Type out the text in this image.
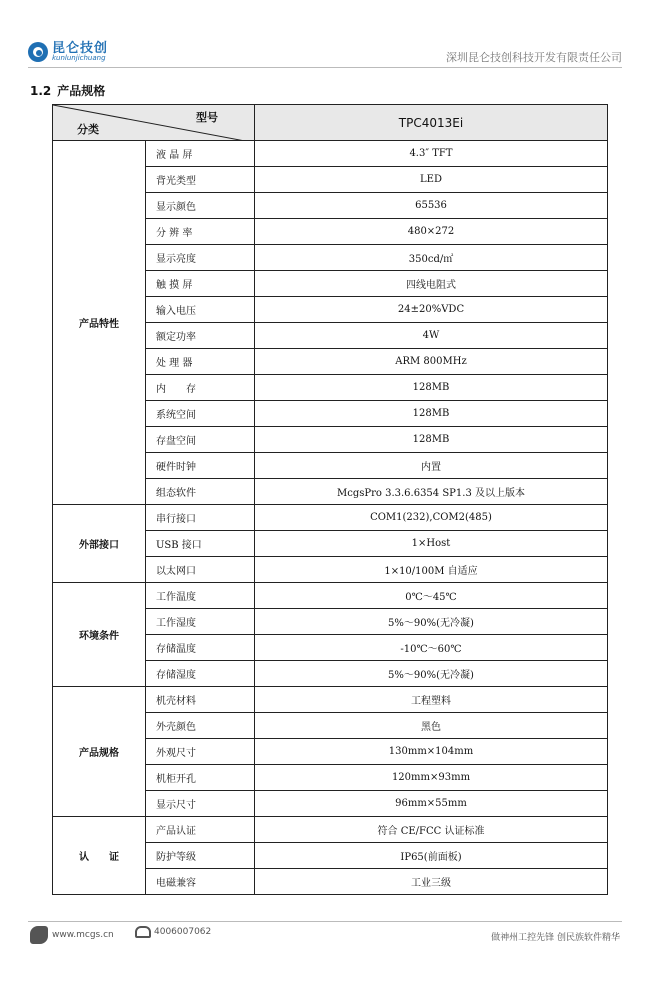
昆仑技创
kunlunjichuang	深圳昆仑技创科技开发有限责任公司
1.2 产品规格
型号
分类		TPC4013Ei
产品特性	液 晶 屏	4.3″ TFT
	背光类型	LED
	显示颜色	65536
	分 辨 率	480×272
	显示亮度	350cd/㎡
	触 摸 屏	四线电阻式
	输入电压	24±20%VDC
	额定功率	4W
	处 理 器	ARM 800MHz
	内　　存	128MB
	系统空间	128MB
	存盘空间	128MB
	硬件时钟	内置
	组态软件	McgsPro 3.3.6.6354 SP1.3 及以上版本
外部接口	串行接口	COM1(232),COM2(485)
	USB 接口	1×Host
	以太网口	1×10/100M 自适应
环境条件	工作温度	0℃～45℃
	工作湿度	5%～90%(无冷凝)
	存储温度	-10℃～60℃
	存储湿度	5%～90%(无冷凝)
产品规格	机壳材料	工程塑料
	外壳颜色	黑色
	外观尺寸	130mm×104mm
	机柜开孔	120mm×93mm
	显示尺寸	96mm×55mm
认　　证	产品认证	符合 CE/FCC 认证标准
	防护等级	IP65(前面板)
	电磁兼容	工业三级
www.mcgs.cn	4006007062
做神州工控先锋 创民族软件精华
